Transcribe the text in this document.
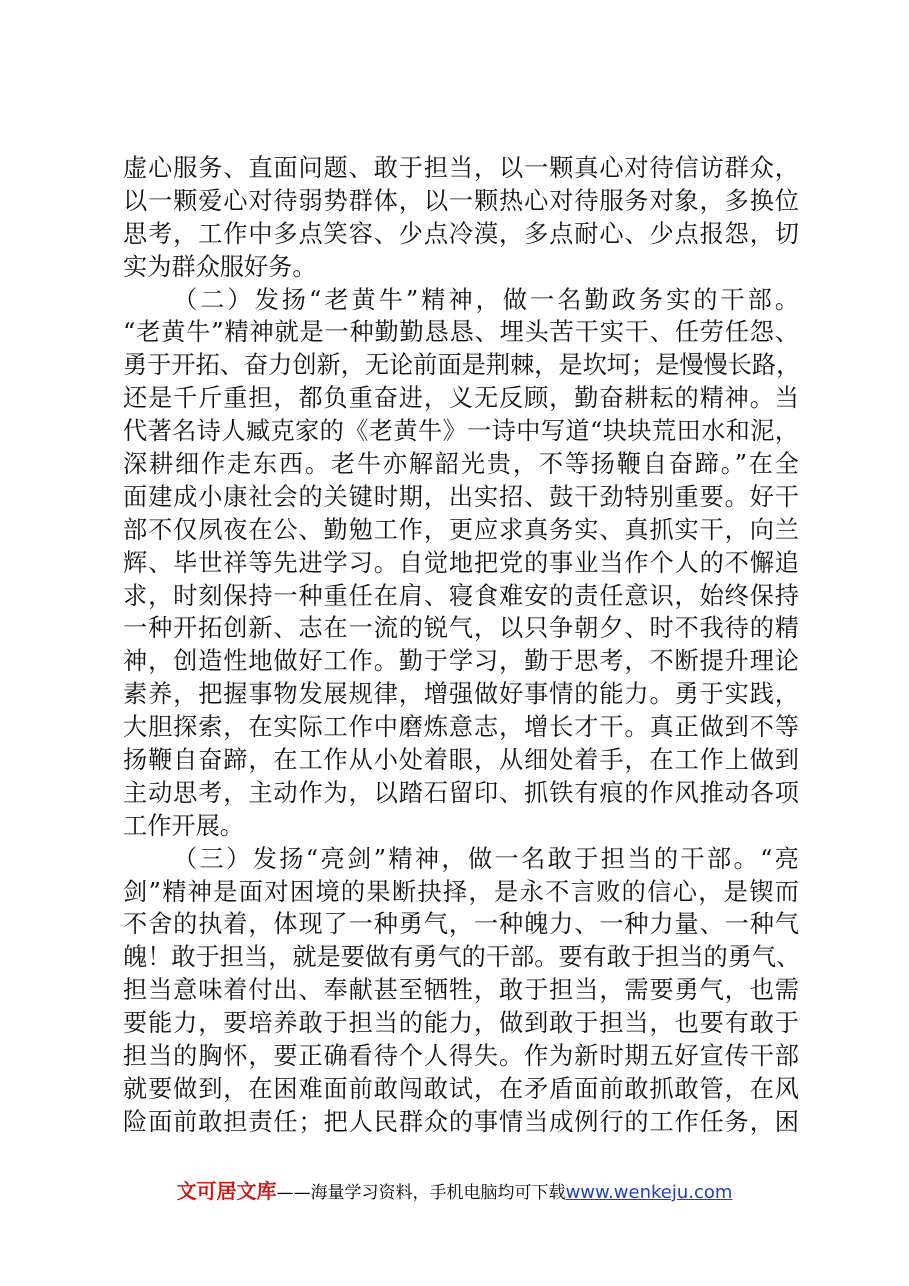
虚心服务、直面问题、敢于担当，以一颗真心对待信访群众，
以一颗爱心对待弱势群体，以一颗热心对待服务对象，多换位
思考，工作中多点笑容、少点冷漠，多点耐心、少点报怨，切
实为群众服好务。
（二）发扬“老黄牛”精神，做一名勤政务实的干部。
“老黄牛”精神就是一种勤勤恳恳、埋头苦干实干、任劳任怨、
勇于开拓、奋力创新，无论前面是荆棘，是坎坷；是慢慢长路，
还是千斤重担，都负重奋进，义无反顾，勤奋耕耘的精神。当
代著名诗人臧克家的《老黄牛》一诗中写道“块块荒田水和泥，
深耕细作走东西。老牛亦解韶光贵，不等扬鞭自奋蹄。”在全
面建成小康社会的关键时期，出实招、鼓干劲特别重要。好干
部不仅夙夜在公、勤勉工作，更应求真务实、真抓实干，向兰
辉、毕世祥等先进学习。自觉地把党的事业当作个人的不懈追
求，时刻保持一种重任在肩、寝食难安的责任意识，始终保持
一种开拓创新、志在一流的锐气，以只争朝夕、时不我待的精
神，创造性地做好工作。勤于学习，勤于思考，不断提升理论
素养，把握事物发展规律，增强做好事情的能力。勇于实践，
大胆探索，在实际工作中磨炼意志，增长才干。真正做到不等
扬鞭自奋蹄，在工作从小处着眼，从细处着手，在工作上做到
主动思考，主动作为，以踏石留印、抓铁有痕的作风推动各项
工作开展。
（三）发扬“亮剑”精神，做一名敢于担当的干部。“亮
剑”精神是面对困境的果断抉择，是永不言败的信心，是锲而
不舍的执着，体现了一种勇气，一种魄力、一种力量、一种气
魄！敢于担当，就是要做有勇气的干部。要有敢于担当的勇气、
担当意味着付出、奉献甚至牺牲，敢于担当，需要勇气，也需
要能力，要培养敢于担当的能力，做到敢于担当，也要有敢于
担当的胸怀，要正确看待个人得失。作为新时期五好宣传干部
就要做到，在困难面前敢闯敢试，在矛盾面前敢抓敢管，在风
险面前敢担责任；把人民群众的事情当成例行的工作任务，困
文可居文库——海量学习资料，手机电脑均可下载www.wenkeju.com
